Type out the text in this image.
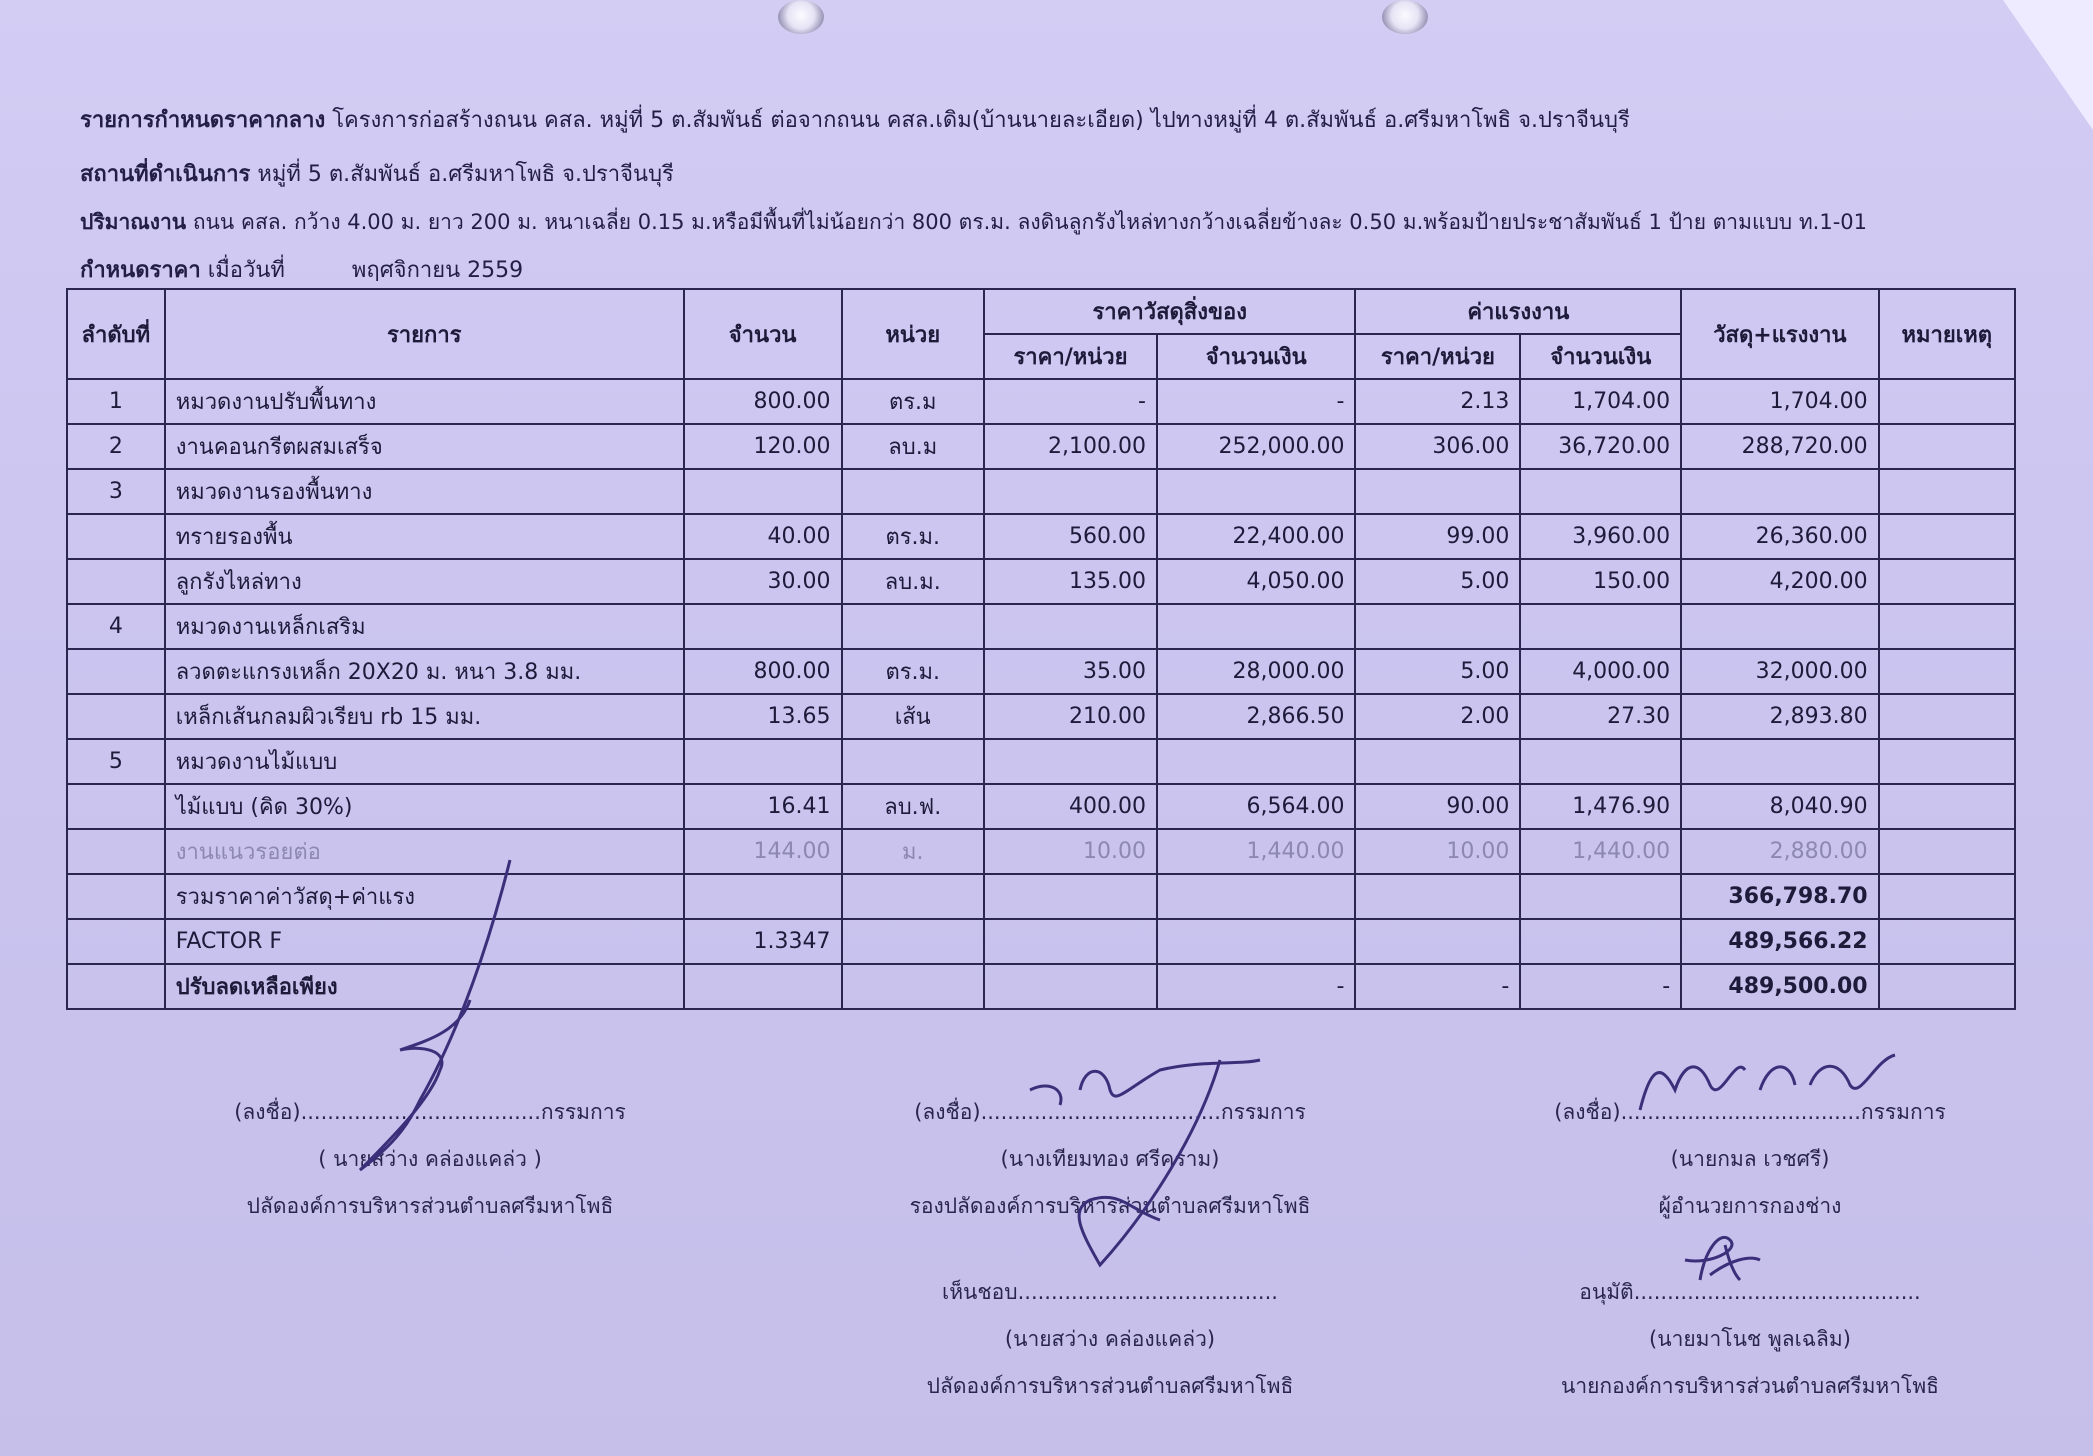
รายการกำหนดราคากลาง โครงการก่อสร้างถนน คสล. หมู่ที่ 5 ต.สัมพันธ์ ต่อจากถนน คสล.เดิม(บ้านนายละเอียด) ไปทางหมู่ที่ 4 ต.สัมพันธ์ อ.ศรีมหาโพธิ จ.ปราจีนบุรี
สถานที่ดำเนินการ หมู่ที่ 5 ต.สัมพันธ์ อ.ศรีมหาโพธิ จ.ปราจีนบุรี
ปริมาณงาน ถนน คสล. กว้าง 4.00 ม. ยาว 200 ม. หนาเฉลี่ย 0.15 ม.หรือมีพื้นที่ไม่น้อยกว่า 800 ตร.ม. ลงดินลูกรังไหล่ทางกว้างเฉลี่ยข้างละ 0.50 ม.พร้อมป้ายประชาสัมพันธ์ 1 ป้าย ตามแบบ ท.1-01
กำหนดราคา เมื่อวันที่	พฤศจิกายน 2559
ลำดับที่	รายการ	จำนวน	หน่วย	ราคาวัสดุสิ่งของ		ค่าแรงงาน		วัสดุ+แรงงาน	หมายเหตุ
				ราคา/หน่วย	จำนวนเงิน	ราคา/หน่วย	จำนวนเงิน		
1	หมวดงานปรับพื้นทาง	800.00	ตร.ม	-	-	2.13	1,704.00	1,704.00	
2	งานคอนกรีตผสมเสร็จ	120.00	ลบ.ม	2,100.00	252,000.00	306.00	36,720.00	288,720.00	
3	หมวดงานรองพื้นทาง								
	ทรายรองพื้น	40.00	ตร.ม.	560.00	22,400.00	99.00	3,960.00	26,360.00	
	ลูกรังไหล่ทาง	30.00	ลบ.ม.	135.00	4,050.00	5.00	150.00	4,200.00	
4	หมวดงานเหล็กเสริม								
	ลวดตะแกรงเหล็ก 20X20 ม. หนา 3.8 มม.	800.00	ตร.ม.	35.00	28,000.00	5.00	4,000.00	32,000.00	
	เหล็กเส้นกลมผิวเรียบ rb 15 มม.	13.65	เส้น	210.00	2,866.50	2.00	27.30	2,893.80	
5	หมวดงานไม้แบบ								
	ไม้แบบ (คิด 30%)	16.41	ลบ.ฟ.	400.00	6,564.00	90.00	1,476.90	8,040.90	
	งานแนวรอยต่อ	144.00	ม.	10.00	1,440.00	10.00	1,440.00	2,880.00	
	รวมราคาค่าวัสดุ+ค่าแรง							366,798.70	
	FACTOR F	1.3347						489,566.22	
	ปรับลดเหลือเพียง				-	-	-	489,500.00	
(ลงชื่อ)....................................กรรมการ
( นายสว่าง คล่องแคล่ว )
ปลัดองค์การบริหารส่วนตำบลศรีมหาโพธิ
(ลงชื่อ)....................................กรรมการ
(นางเทียมทอง ศรีคราม)
รองปลัดองค์การบริหารส่วนตำบลศรีมหาโพธิ
(ลงชื่อ)....................................กรรมการ
(นายกมล เวชศรี)
ผู้อำนวยการกองช่าง
เห็นชอบ.......................................
(นายสว่าง คล่องแคล่ว)
ปลัดองค์การบริหารส่วนตำบลศรีมหาโพธิ
อนุมัติ...........................................
(นายมาโนช พูลเฉลิม)
นายกองค์การบริหารส่วนตำบลศรีมหาโพธิ
